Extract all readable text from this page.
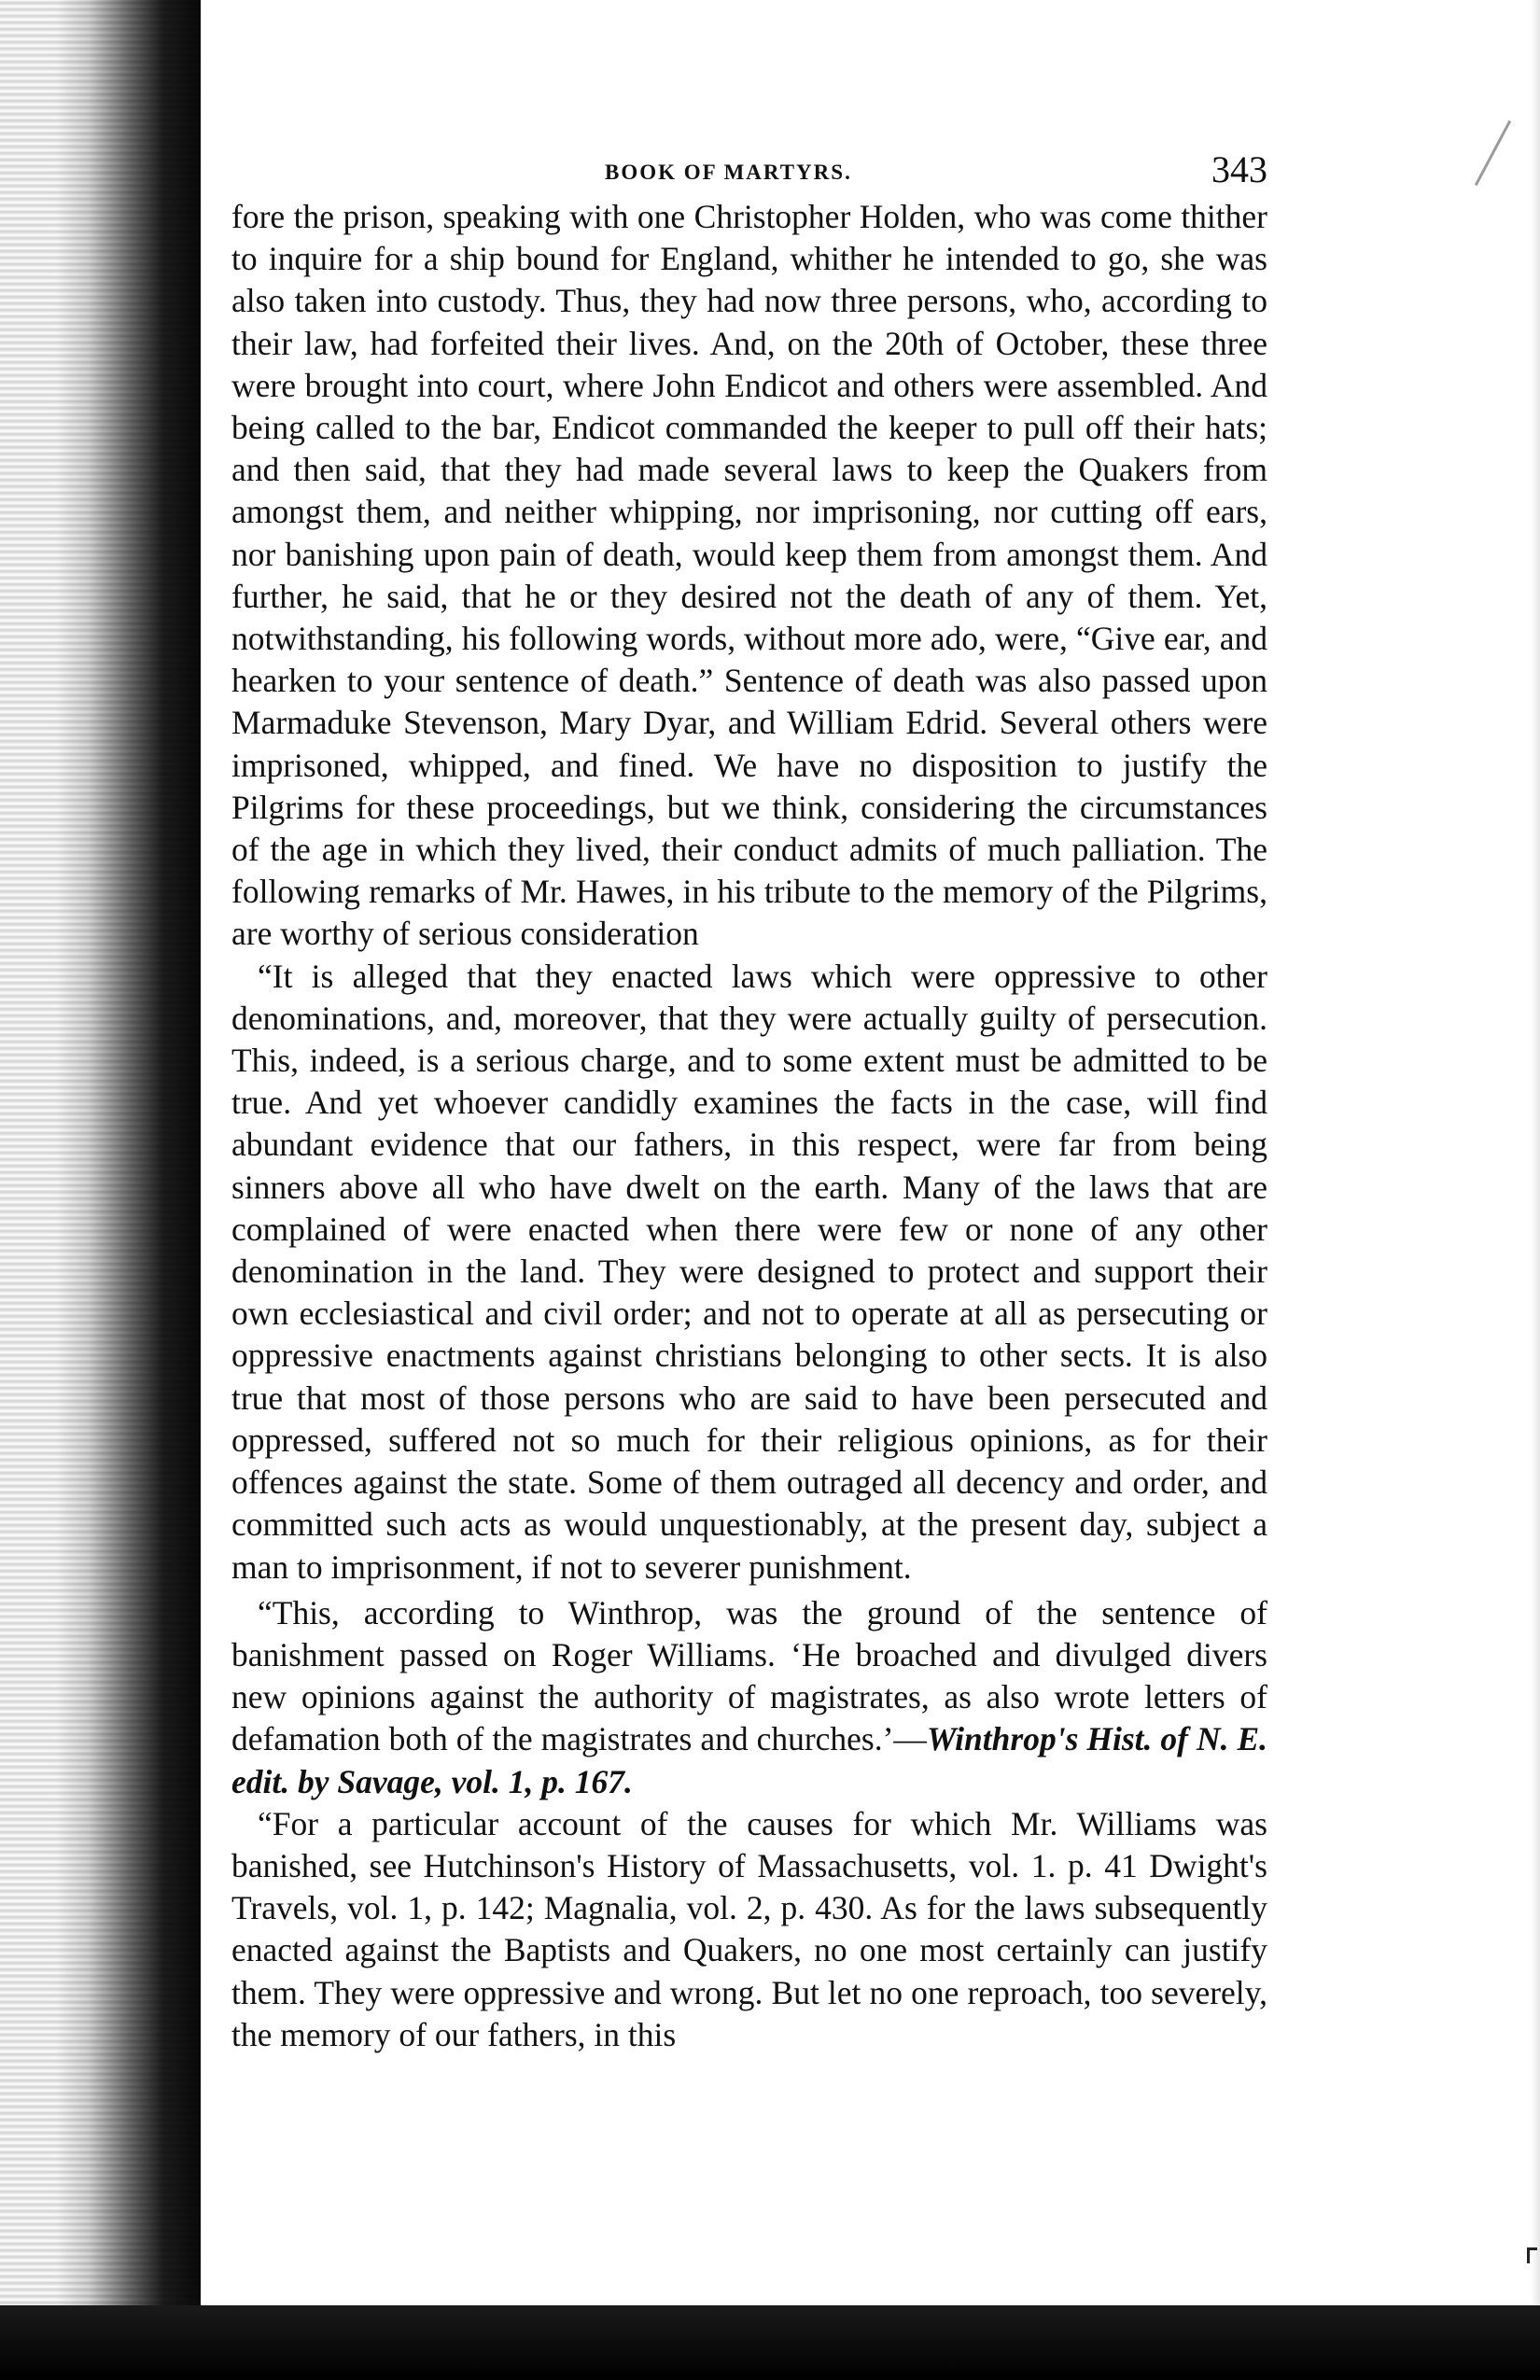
BOOK OF MARTYRS.	343

fore the prison, speaking with one Christopher Holden, who was come thither to inquire for a ship bound for England, whither he intended to go, she was also taken into custody. Thus, they had now three persons, who, according to their law, had forfeited their lives. And, on the 20th of October, these three were brought into court, where John Endicot and others were assembled. And being called to the bar, Endicot commanded the keeper to pull off their hats; and then said, that they had made several laws to keep the Quakers from amongst them, and neither whipping, nor imprisoning, nor cutting off ears, nor banishing upon pain of death, would keep them from amongst them. And further, he said, that he or they desired not the death of any of them. Yet, notwithstanding, his following words, without more ado, were, “Give ear, and hearken to your sentence of death.” Sentence of death was also passed upon Marmaduke Stevenson, Mary Dyar, and William Edrid. Several others were imprisoned, whipped, and fined. We have no disposition to justify the Pilgrims for these proceedings, but we think, considering the circumstances of the age in which they lived, their conduct admits of much palliation. The following remarks of Mr. Hawes, in his tribute to the memory of the Pilgrims, are worthy of serious consideration

“It is alleged that they enacted laws which were oppressive to other denominations, and, moreover, that they were actually guilty of persecution. This, indeed, is a serious charge, and to some extent must be admitted to be true. And yet whoever candidly examines the facts in the case, will find abundant evidence that our fathers, in this respect, were far from being sinners above all who have dwelt on the earth. Many of the laws that are complained of were enacted when there were few or none of any other denomination in the land. They were designed to protect and support their own ecclesiastical and civil order; and not to operate at all as persecuting or oppressive enactments against christians belonging to other sects. It is also true that most of those persons who are said to have been persecuted and oppressed, suffered not so much for their religious opinions, as for their offences against the state. Some of them outraged all decency and order, and committed such acts as would unquestionably, at the present day, subject a man to imprisonment, if not to severer punishment.

“This, according to Winthrop, was the ground of the sentence of banishment passed on Roger Williams. ‘He broached and divulged divers new opinions against the authority of magistrates, as also wrote letters of defamation both of the magistrates and churches.’—Winthrop's Hist. of N. E. edit. by Savage, vol. 1, p. 167.

“For a particular account of the causes for which Mr. Williams was banished, see Hutchinson's History of Massachusetts, vol. 1. p. 41 Dwight's Travels, vol. 1, p. 142; Magnalia, vol. 2, p. 430. As for the laws subsequently enacted against the Baptists and Quakers, no one most certainly can justify them. They were oppressive and wrong. But let no one reproach, too severely, the memory of our fathers, in this
